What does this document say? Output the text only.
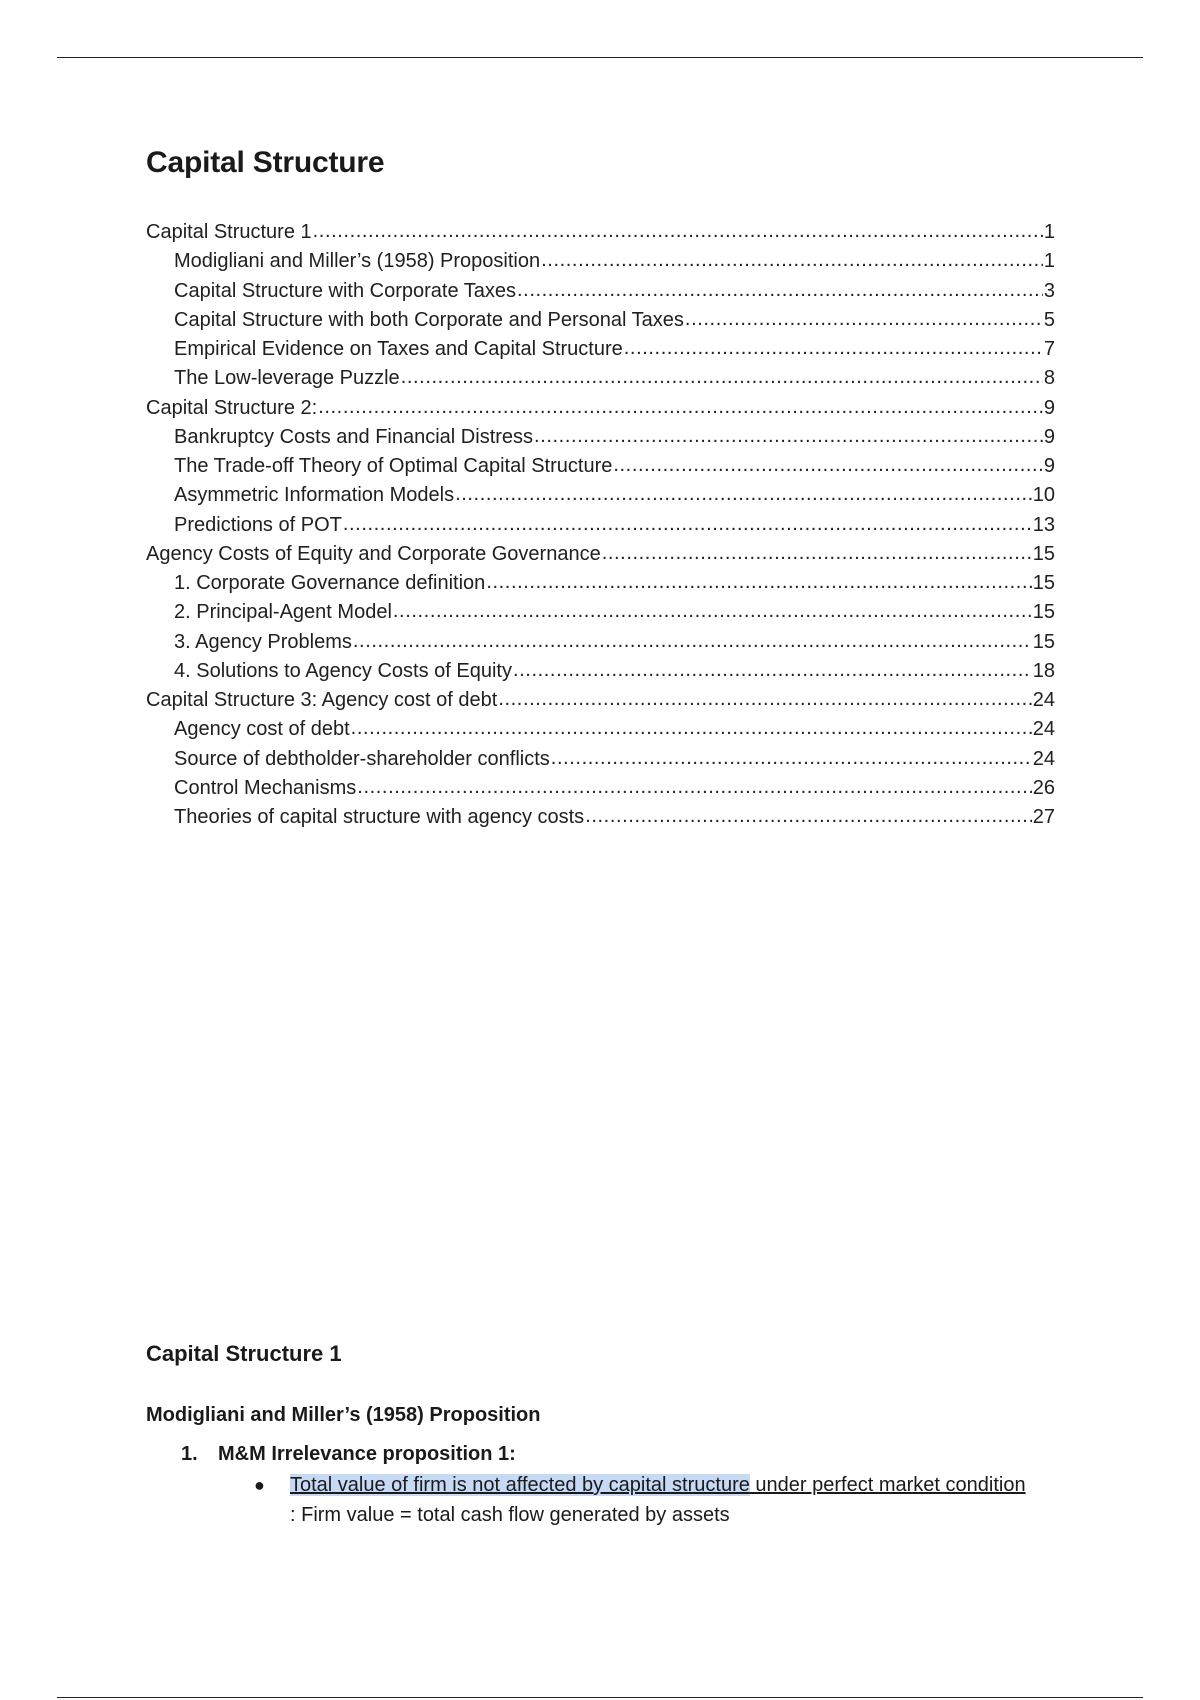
Capital Structure
Capital Structure 1 .....	1
Modigliani and Miller’s (1958) Proposition .....	1
Capital Structure with Corporate Taxes .....	3
Capital Structure with both Corporate and Personal Taxes .....	5
Empirical Evidence on Taxes and Capital Structure .....	7
The Low-leverage Puzzle .....	8
Capital Structure 2: .....	9
Bankruptcy Costs and Financial Distress .....	9
The Trade-off Theory of Optimal Capital Structure .....	9
Asymmetric Information Models .....	10
Predictions of POT .....	13
Agency Costs of Equity and Corporate Governance .....	15
1. Corporate Governance definition .....	15
2. Principal-Agent Model .....	15
3. Agency Problems .....	15
4. Solutions to Agency Costs of Equity .....	18
Capital Structure 3: Agency cost of debt .....	24
Agency cost of debt .....	24
Source of debtholder-shareholder conflicts .....	24
Control Mechanisms .....	26
Theories of capital structure with agency costs .....	27
Capital Structure 1
Modigliani and Miller’s (1958) Proposition
1. M&M Irrelevance proposition 1:
● Total value of firm is not affected by capital structure under perfect market condition : Firm value = total cash flow generated by assets
